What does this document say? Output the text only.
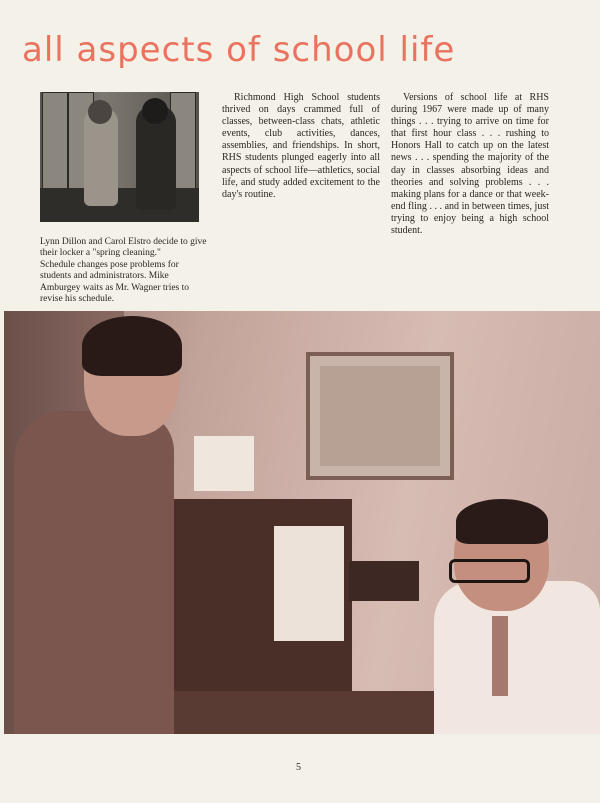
all aspects of school life
Lynn Dillon and Carol Elstro decide to give their locker a "spring cleaning."
Schedule changes pose problems for students and administrators. Mike Amburgey waits as Mr. Wagner tries to revise his schedule.

Richmond High School students thrived on days crammed full of classes, between-class chats, athletic events, club activities, dances, assemblies, and friendships. In short, RHS students plunged eagerly into all aspects of school life—athletics, social life, and study added excitement to the day's routine.

Versions of school life at RHS during 1967 were made up of many things . . . trying to arrive on time for that first hour class . . . rushing to Honors Hall to catch up on the latest news . . . spending the majority of the day in classes absorbing ideas and theories and solving problems . . . making plans for a dance or that week-end fling . . . and in between times, just trying to enjoy being a high school student.

5
